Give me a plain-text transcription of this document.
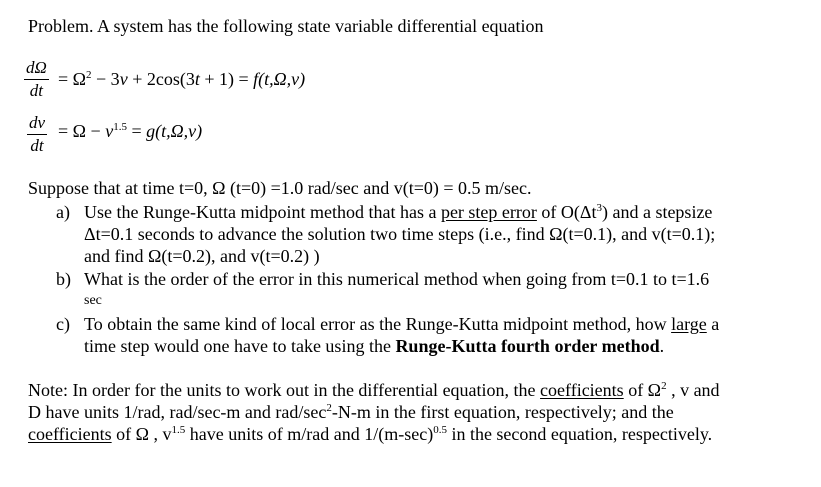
Problem. A system has the following state variable differential equation
$\frac{d\Omega}{dt} = \Omega^2 - 3v + 2\cos(3t + 1) = f(t,\Omega,v)$
$\frac{dv}{dt} = \Omega - v^{1.5} = g(t,\Omega,v)$
Suppose that at time t=0, Ω (t=0) =1.0 rad/sec and v(t=0) = 0.5 m/sec.
a) Use the Runge-Kutta midpoint method that has a per step error of $O(\Delta t^3)$ and a stepsize
Δt=0.1 seconds to advance the solution two time steps (i.e., find Ω(t=0.1), and v(t=0.1);
and find Ω(t=0.2), and v(t=0.2) )
b) What is the order of the error in this numerical method when going from t=0.1 to t=1.6
sec
c) To obtain the same kind of local error as the Runge-Kutta midpoint method, how large a
time step would one have to take using the Runge-Kutta fourth order method.
Note: In order for the units to work out in the differential equation, the coefficients of $\Omega^2$ , v and
D have units 1/rad, rad/sec-m and rad/$\sec^2-N-m$ in the first equation, respectively; and the
coefficients of Ω , $v^{1.5}$ have units of m/rad and $1/(m-\sec)^{0.5}$ in the second equation, respectively.
